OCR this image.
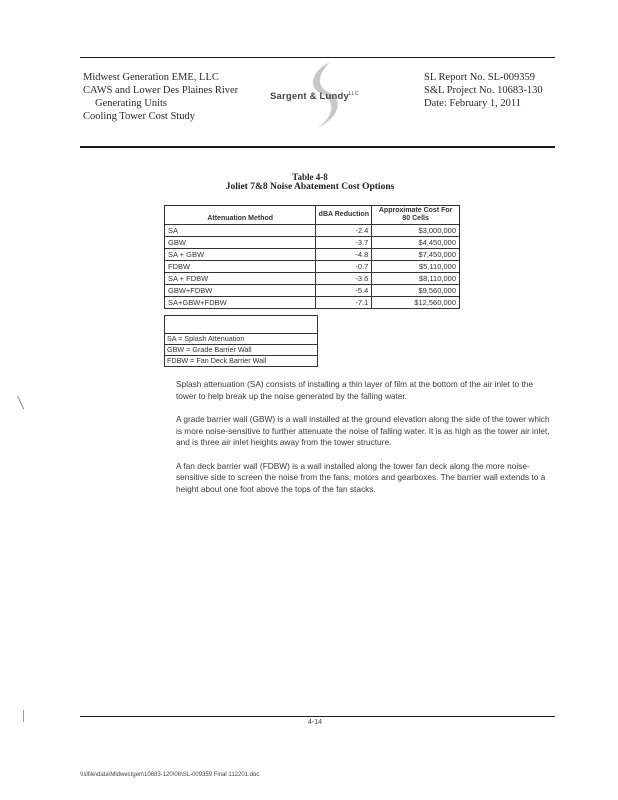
Midwest Generation EME, LLC
CAWS and Lower Des Plaines River
Generating Units
Cooling Tower Cost Study
Sargent & Lundy$^{LLC}$
SL Report No. SL-009359
S&L Project No. 10683-130
Date: February 1, 2011
Table 4-8
Joliet 7&8 Noise Abatement Cost Options
Attenuation Method	dBA Reduction	Approximate Cost For 80 Cells
SA	-2.4	$3,000,000
GBW	-3.7	$4,450,000
SA + GBW	-4.8	$7,450,000
FDBW	-0.7	$5,110,000
SA + FDBW	-3.6	$8,110,000
GBW+FDBW	-5.4	$9,560,000
SA+GBW+FDBW	-7.1	$12,560,000
SA = Splash Attenuation
GBW = Grade Barrier Wall
FDBW = Fan Deck Barrier Wall

Splash attenuation (SA) consists of installing a thin layer of film at the bottom of the air inlet to the tower to help break up the noise generated by the falling water.

A grade barrier wall (GBW) is a wall installed at the ground elevation along the side of the tower which is more noise-sensitive to further attenuate the noise of falling water. It is as high as the tower air inlet, and is three air inlet heights away from the tower structure.

A fan deck barrier wall (FDBW) is a wall installed along the tower fan deck along the more noise-sensitive side to screen the noise from the fans, motors and gearboxes. The barrier wall extends to a height about one foot above the tops of the fan stacks.

4-14
\\slfile\data\Midwestgen\10683-120\06\SL-009359 Final 112201.doc
